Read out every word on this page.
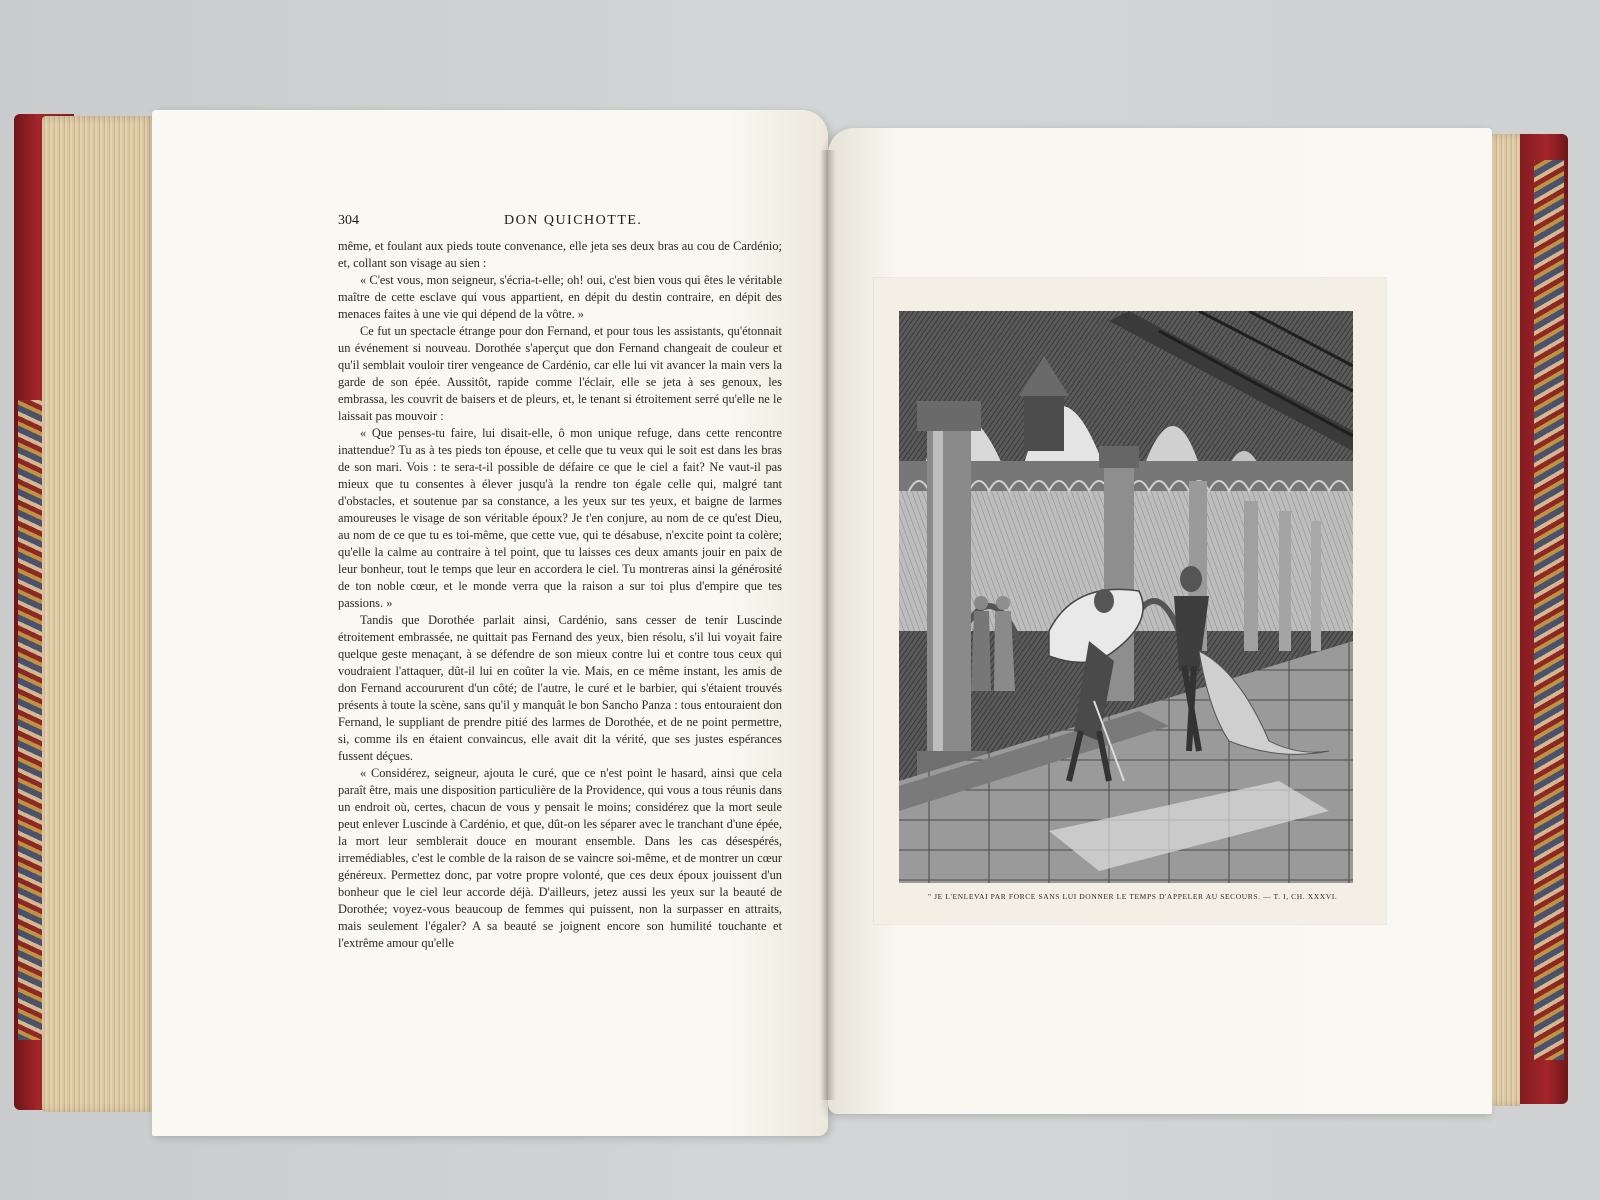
304	DON QUICHOTTE.

même, et foulant aux pieds toute convenance, elle jeta ses deux bras au cou de Cardénio; et, collant son visage au sien :

« C'est vous, mon seigneur, s'écria-t-elle; oh! oui, c'est bien vous qui êtes le véritable maître de cette esclave qui vous appartient, en dépit du destin contraire, en dépit des menaces faites à une vie qui dépend de la vôtre. »

Ce fut un spectacle étrange pour don Fernand, et pour tous les assistants, qu'étonnait un événement si nouveau. Dorothée s'aperçut que don Fernand changeait de couleur et qu'il semblait vouloir tirer vengeance de Cardénio, car elle lui vit avancer la main vers la garde de son épée. Aussitôt, rapide comme l'éclair, elle se jeta à ses genoux, les embrassa, les couvrit de baisers et de pleurs, et, le tenant si étroitement serré qu'elle ne le laissait pas mouvoir :

« Que penses-tu faire, lui disait-elle, ô mon unique refuge, dans cette rencontre inattendue? Tu as à tes pieds ton épouse, et celle que tu veux qui le soit est dans les bras de son mari. Vois : te sera-t-il possible de défaire ce que le ciel a fait? Ne vaut-il pas mieux que tu consentes à élever jusqu'à la rendre ton égale celle qui, malgré tant d'obstacles, et soutenue par sa constance, a les yeux sur tes yeux, et baigne de larmes amoureuses le visage de son véritable époux? Je t'en conjure, au nom de ce qu'est Dieu, au nom de ce que tu es toi-même, que cette vue, qui te désabuse, n'excite point ta colère; qu'elle la calme au contraire à tel point, que tu laisses ces deux amants jouir en paix de leur bonheur, tout le temps que leur en accordera le ciel. Tu montreras ainsi la générosité de ton noble cœur, et le monde verra que la raison a sur toi plus d'empire que tes passions. »

Tandis que Dorothée parlait ainsi, Cardénio, sans cesser de tenir Luscinde étroitement embrassée, ne quittait pas Fernand des yeux, bien résolu, s'il lui voyait faire quelque geste menaçant, à se défendre de son mieux contre lui et contre tous ceux qui voudraient l'attaquer, dût-il lui en coûter la vie. Mais, en ce même instant, les amis de don Fernand accoururent d'un côté; de l'autre, le curé et le barbier, qui s'étaient trouvés présents à toute la scène, sans qu'il y manquât le bon Sancho Panza : tous entouraient don Fernand, le suppliant de prendre pitié des larmes de Dorothée, et de ne point permettre, si, comme ils en étaient convaincus, elle avait dit la vérité, que ses justes espérances fussent déçues.

« Considérez, seigneur, ajouta le curé, que ce n'est point le hasard, ainsi que cela paraît être, mais une disposition particulière de la Providence, qui vous a tous réunis dans un endroit où, certes, chacun de vous y pensait le moins; considérez que la mort seule peut enlever Luscinde à Cardénio, et que, dût-on les séparer avec le tranchant d'une épée, la mort leur semblerait douce en mourant ensemble. Dans les cas désespérés, irremédiables, c'est le comble de la raison de se vaincre soi-même, et de montrer un cœur généreux. Permettez donc, par votre propre volonté, que ces deux époux jouissent d'un bonheur que le ciel leur accorde déjà. D'ailleurs, jetez aussi les yeux sur la beauté de Dorothée; voyez-vous beaucoup de femmes qui puissent, non la surpasser en attraits, mais seulement l'égaler? A sa beauté se joignent encore son humilité touchante et l'extrême amour qu'elle

" JE L'ENLEVAI PAR FORCE SANS LUI DONNER LE TEMPS D'APPELER AU SECOURS. — T. I, CH. XXXVI.
